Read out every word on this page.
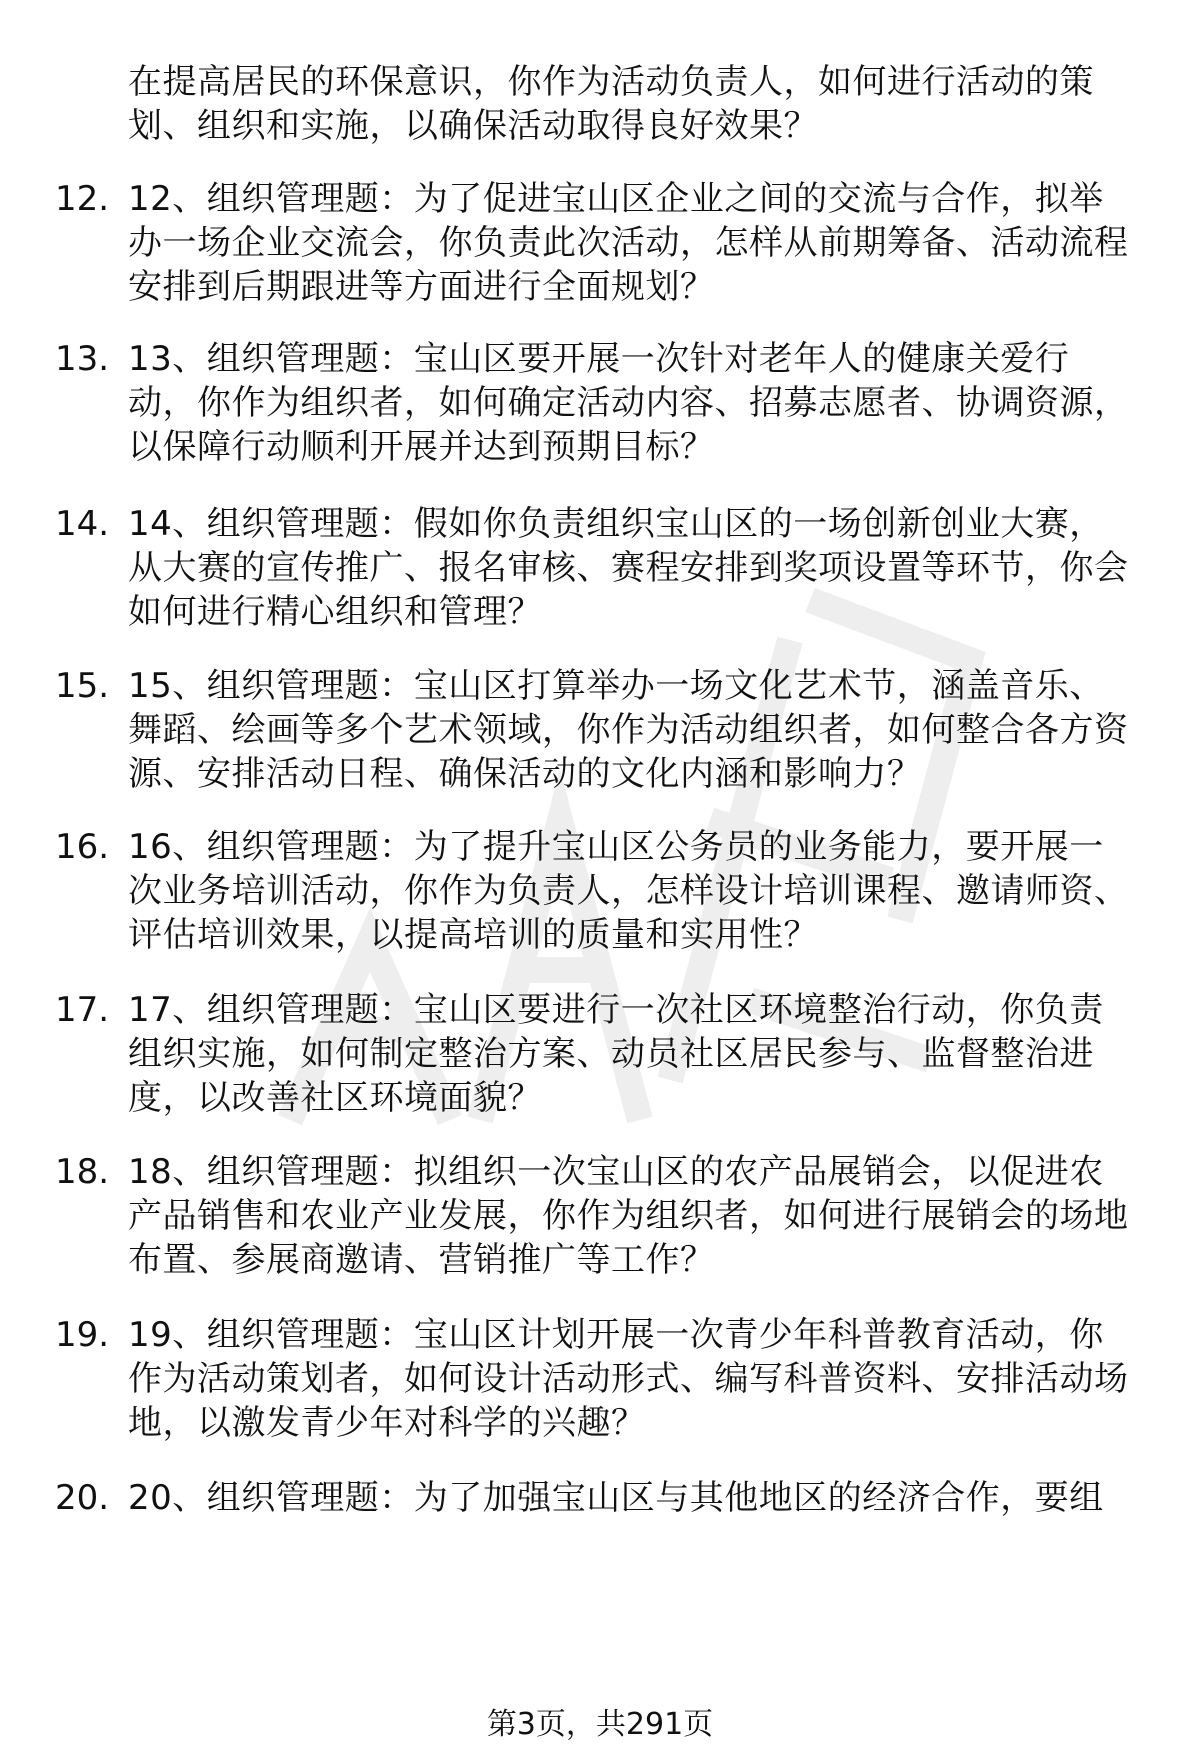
在提高居民的环保意识，你作为活动负责人，如何进行活动的策划、组织和实施，以确保活动取得良好效果？

12. 12、组织管理题：为了促进宝山区企业之间的交流与合作，拟举办一场企业交流会，你负责此次活动，怎样从前期筹备、活动流程安排到后期跟进等方面进行全面规划？
13. 13、组织管理题：宝山区要开展一次针对老年人的健康关爱行动，你作为组织者，如何确定活动内容、招募志愿者、协调资源，以保障行动顺利开展并达到预期目标？
14. 14、组织管理题：假如你负责组织宝山区的一场创新创业大赛，从大赛的宣传推广、报名审核、赛程安排到奖项设置等环节，你会如何进行精心组织和管理？
15. 15、组织管理题：宝山区打算举办一场文化艺术节，涵盖音乐、舞蹈、绘画等多个艺术领域，你作为活动组织者，如何整合各方资源、安排活动日程、确保活动的文化内涵和影响力？
16. 16、组织管理题：为了提升宝山区公务员的业务能力，要开展一次业务培训活动，你作为负责人，怎样设计培训课程、邀请师资、评估培训效果，以提高培训的质量和实用性？
17. 17、组织管理题：宝山区要进行一次社区环境整治行动，你负责组织实施，如何制定整治方案、动员社区居民参与、监督整治进度，以改善社区环境面貌？
18. 18、组织管理题：拟组织一次宝山区的农产品展销会，以促进农产品销售和农业产业发展，你作为组织者，如何进行展销会的场地布置、参展商邀请、营销推广等工作？
19. 19、组织管理题：宝山区计划开展一次青少年科普教育活动，你作为活动策划者，如何设计活动形式、编写科普资料、安排活动场地，以激发青少年对科学的兴趣？
20. 20、组织管理题：为了加强宝山区与其他地区的经济合作，要组
第3页，共291页
